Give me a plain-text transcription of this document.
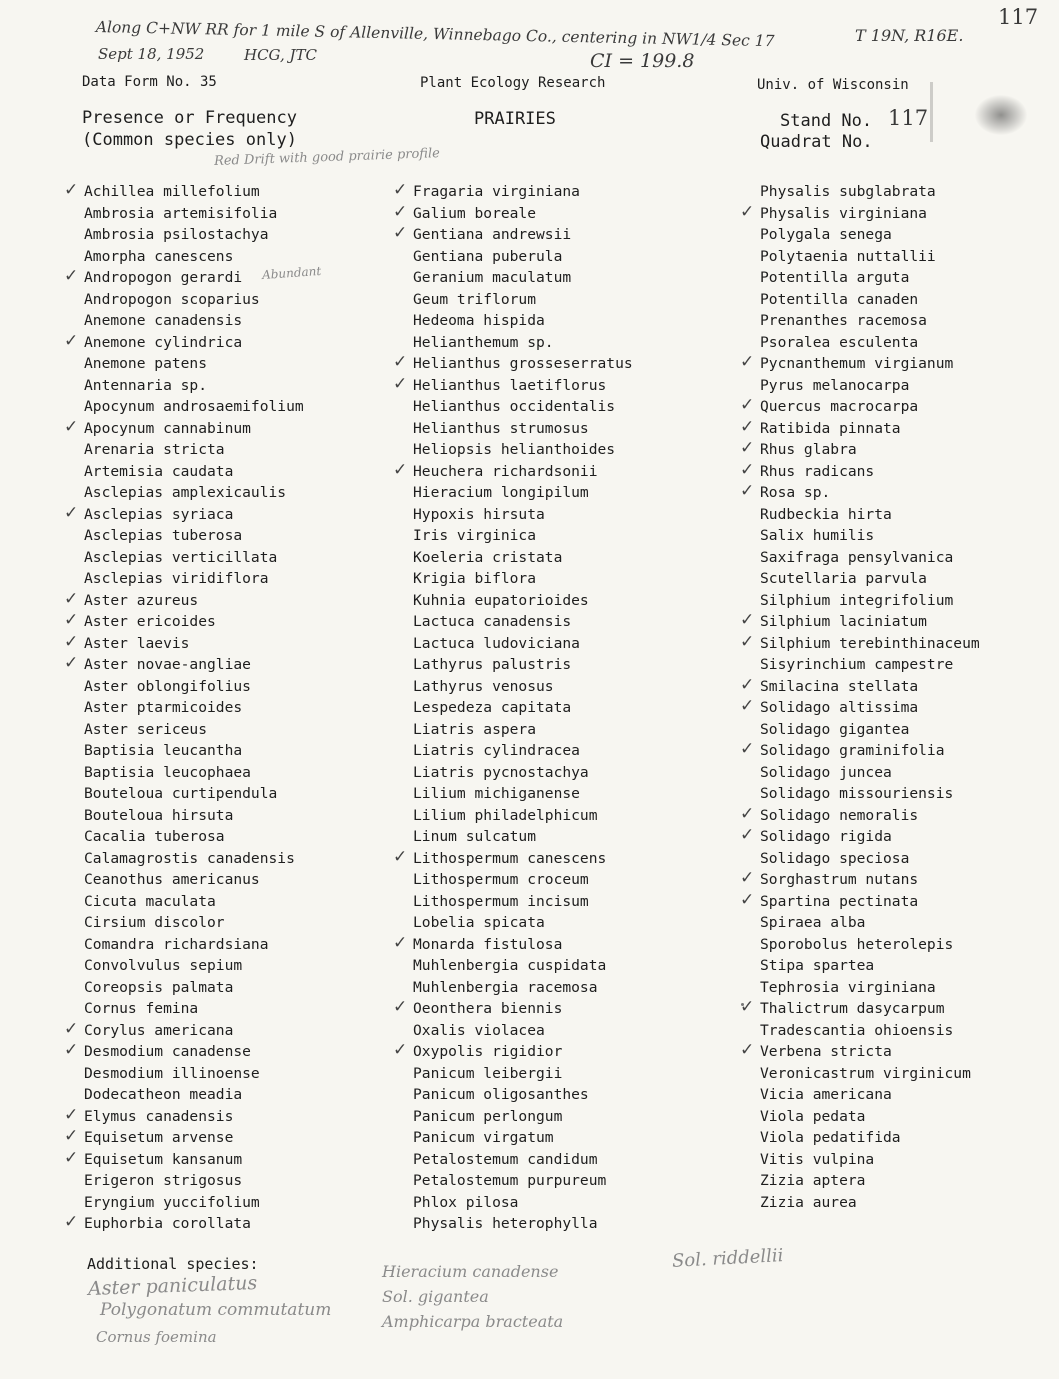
Along C+NW RR for 1 mile S of Allenville, Winnebago Co., centering in NW1/4 Sec 17	T 19N, R16E.
117
Sept 18, 1952	HCG, JTC	CI = 199.8
Data Form No. 35	Plant Ecology Research	Univ. of Wisconsin
Presence or Frequency
(Common species only)
PRAIRIES	Stand No. 117
Quadrat No.
Red Drift with good prairie profile
Abundant
✓ Achillea millefolium
Ambrosia artemisifolia
Ambrosia psilostachya
Amorpha canescens
✓ Andropogon gerardi
Andropogon scoparius
Anemone canadensis
✓ Anemone cylindrica
Anemone patens
Antennaria sp.
Apocynum androsaemifolium
✓ Apocynum cannabinum
Arenaria stricta
Artemisia caudata
Asclepias amplexicaulis
✓ Asclepias syriaca
Asclepias tuberosa
Asclepias verticillata
Asclepias viridiflora
✓ Aster azureus
✓ Aster ericoides
✓ Aster laevis
✓ Aster novae-angliae
Aster oblongifolius
Aster ptarmicoides
Aster sericeus
Baptisia leucantha
Baptisia leucophaea
Bouteloua curtipendula
Bouteloua hirsuta
Cacalia tuberosa
Calamagrostis canadensis
Ceanothus americanus
Cicuta maculata
Cirsium discolor
Comandra richardsiana
Convolvulus sepium
Coreopsis palmata
Cornus femina
✓ Corylus americana
✓ Desmodium canadense
Desmodium illinoense
Dodecatheon meadia
✓ Elymus canadensis
✓ Equisetum arvense
✓ Equisetum kansanum
Erigeron strigosus
Eryngium yuccifolium
✓ Euphorbia corollata
✓ Fragaria virginiana
✓ Galium boreale
✓ Gentiana andrewsii
Gentiana puberula
Geranium maculatum
Geum triflorum
Hedeoma hispida
Helianthemum sp.
✓ Helianthus grosseserratus
✓ Helianthus laetiflorus
Helianthus occidentalis
Helianthus strumosus
Heliopsis helianthoides
✓ Heuchera richardsonii
Hieracium longipilum
Hypoxis hirsuta
Iris virginica
Koeleria cristata
Krigia biflora
Kuhnia eupatorioides
Lactuca canadensis
Lactuca ludoviciana
Lathyrus palustris
Lathyrus venosus
Lespedeza capitata
Liatris aspera
Liatris cylindracea
Liatris pycnostachya
Lilium michiganense
Lilium philadelphicum
Linum sulcatum
✓ Lithospermum canescens
Lithospermum croceum
Lithospermum incisum
Lobelia spicata
✓ Monarda fistulosa
Muhlenbergia cuspidata
Muhlenbergia racemosa
✓ Oeonthera biennis
Oxalis violacea
✓ Oxypolis rigidior
Panicum leibergii
Panicum oligosanthes
Panicum perlongum
Panicum virgatum
Petalostemum candidum
Petalostemum purpureum
Phlox pilosa
Physalis heterophylla
Physalis subglabrata
✓ Physalis virginiana
Polygala senega
Polytaenia nuttallii
Potentilla arguta
Potentilla canaden
Prenanthes racemosa
Psoralea esculenta
✓ Pycnanthemum virgianum
Pyrus melanocarpa
✓ Quercus macrocarpa
✓ Ratibida pinnata
✓ Rhus glabra
✓ Rhus radicans
✓ Rosa sp.
Rudbeckia hirta
Salix humilis
Saxifraga pensylvanica
Scutellaria parvula
Silphium integrifolium
✓ Silphium laciniatum
✓ Silphium terebinthinaceum
Sisyrinchium campestre
✓ Smilacina stellata
✓ Solidago altissima
Solidago gigantea
✓ Solidago graminifolia
Solidago juncea
Solidago missouriensis
✓ Solidago nemoralis
✓ Solidago rigida
Solidago speciosa
✓ Sorghastrum nutans
✓ Spartina pectinata
Spiraea alba
Sporobolus heterolepis
Stipa spartea
Tephrosia virginiana
✓ Thalictrum dasycarpum
Tradescantia ohioensis
✓ Verbena stricta
Veronicastrum virginicum
Vicia americana
Viola pedata
Viola pedatifida
Vitis vulpina
Zizia aptera
Zizia aurea
Additional species:
Aster paniculatus
Polygonatum commutatum
Cornus foemina
Hieracium canadense
Sol. gigantea
Amphicarpa bracteata
Sol. riddellii
